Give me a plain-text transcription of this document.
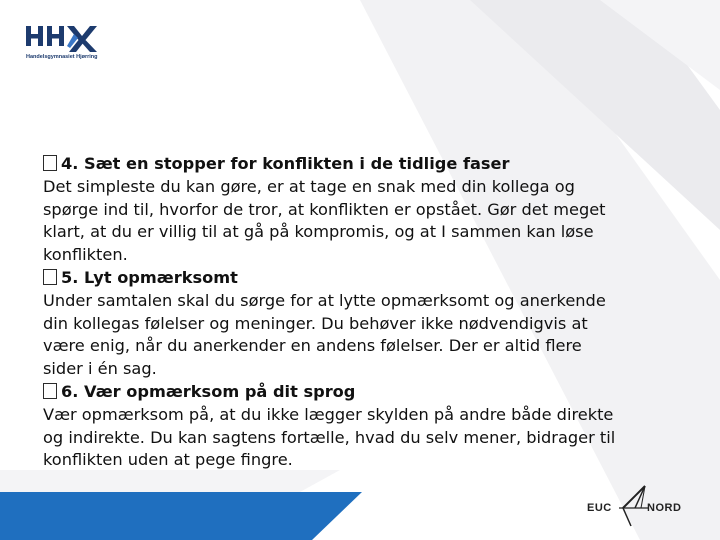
Handelsgymnasiet Hjørring

4. Sæt en stopper for konflikten i de tidlige faser

Det simpleste du kan gøre, er at tage en snak med din kollega og
spørge ind til, hvorfor de tror, at konflikten er opstået. Gør det meget
klart, at du er villig til at gå på kompromis, og at I sammen kan løse
konflikten.

5. Lyt opmærksomt

Under samtalen skal du sørge for at lytte opmærksomt og anerkende
din kollegas følelser og meninger. Du behøver ikke nødvendigvis at
være enig, når du anerkender en andens følelser. Der er altid flere
sider i én sag.

6. Vær opmærksom på dit sprog

Vær opmærksom på, at du ikke lægger skylden på andre både direkte
og indirekte. Du kan sagtens fortælle, hvad du selv mener, bidrager til
konflikten uden at pege fingre.

EUC	NORD
